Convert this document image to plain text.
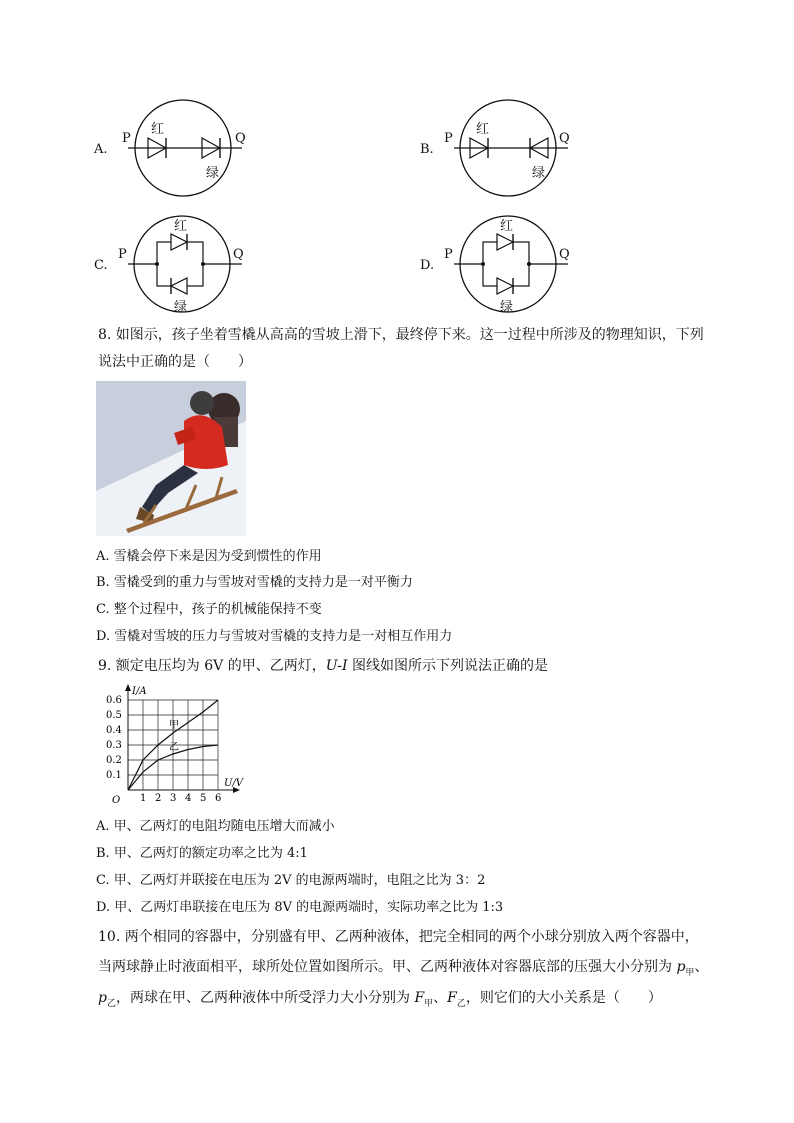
A.
P	Q
红
绿
B.
P	Q
红
绿
C.
P	Q
红
绿
D.
P	Q
红
绿
8. 如图示，孩子坐着雪橇从高高的雪坡上滑下，最终停下来。这一过程中所涉及的物理知识，下列
说法中正确的是（　　）
A. 雪橇会停下来是因为受到惯性的作用
B. 雪橇受到的重力与雪坡对雪橇的支持力是一对平衡力
C. 整个过程中，孩子的机械能保持不变
D. 雪橇对雪坡的压力与雪坡对雪橇的支持力是一对相互作用力
9. 额定电压均为 6V 的甲、乙两灯，U-I 图线如图所示下列说法正确的是
1 2 3 4 5 6
0.1
0.2
0.3
0.4
0.5
0.6
甲
乙
I/A
U/V
O
A. 甲、乙两灯的电阻均随电压增大而减小
B. 甲、乙两灯的额定功率之比为 4:1
C. 甲、乙两灯并联接在电压为 2V 的电源两端时，电阻之比为 3：2
D. 甲、乙两灯串联接在电压为 8V 的电源两端时，实际功率之比为 1:3
10. 两个相同的容器中，分别盛有甲、乙两种液体，把完全相同的两个小球分别放入两个容器中，
当两球静止时液面相平，球所处位置如图所示。甲、乙两种液体对容器底部的压强大小分别为 $p_甲$、
$p_乙$，两球在甲、乙两种液体中所受浮力大小分别为 $F_甲$、$F_乙$，则它们的大小关系是（　　）
